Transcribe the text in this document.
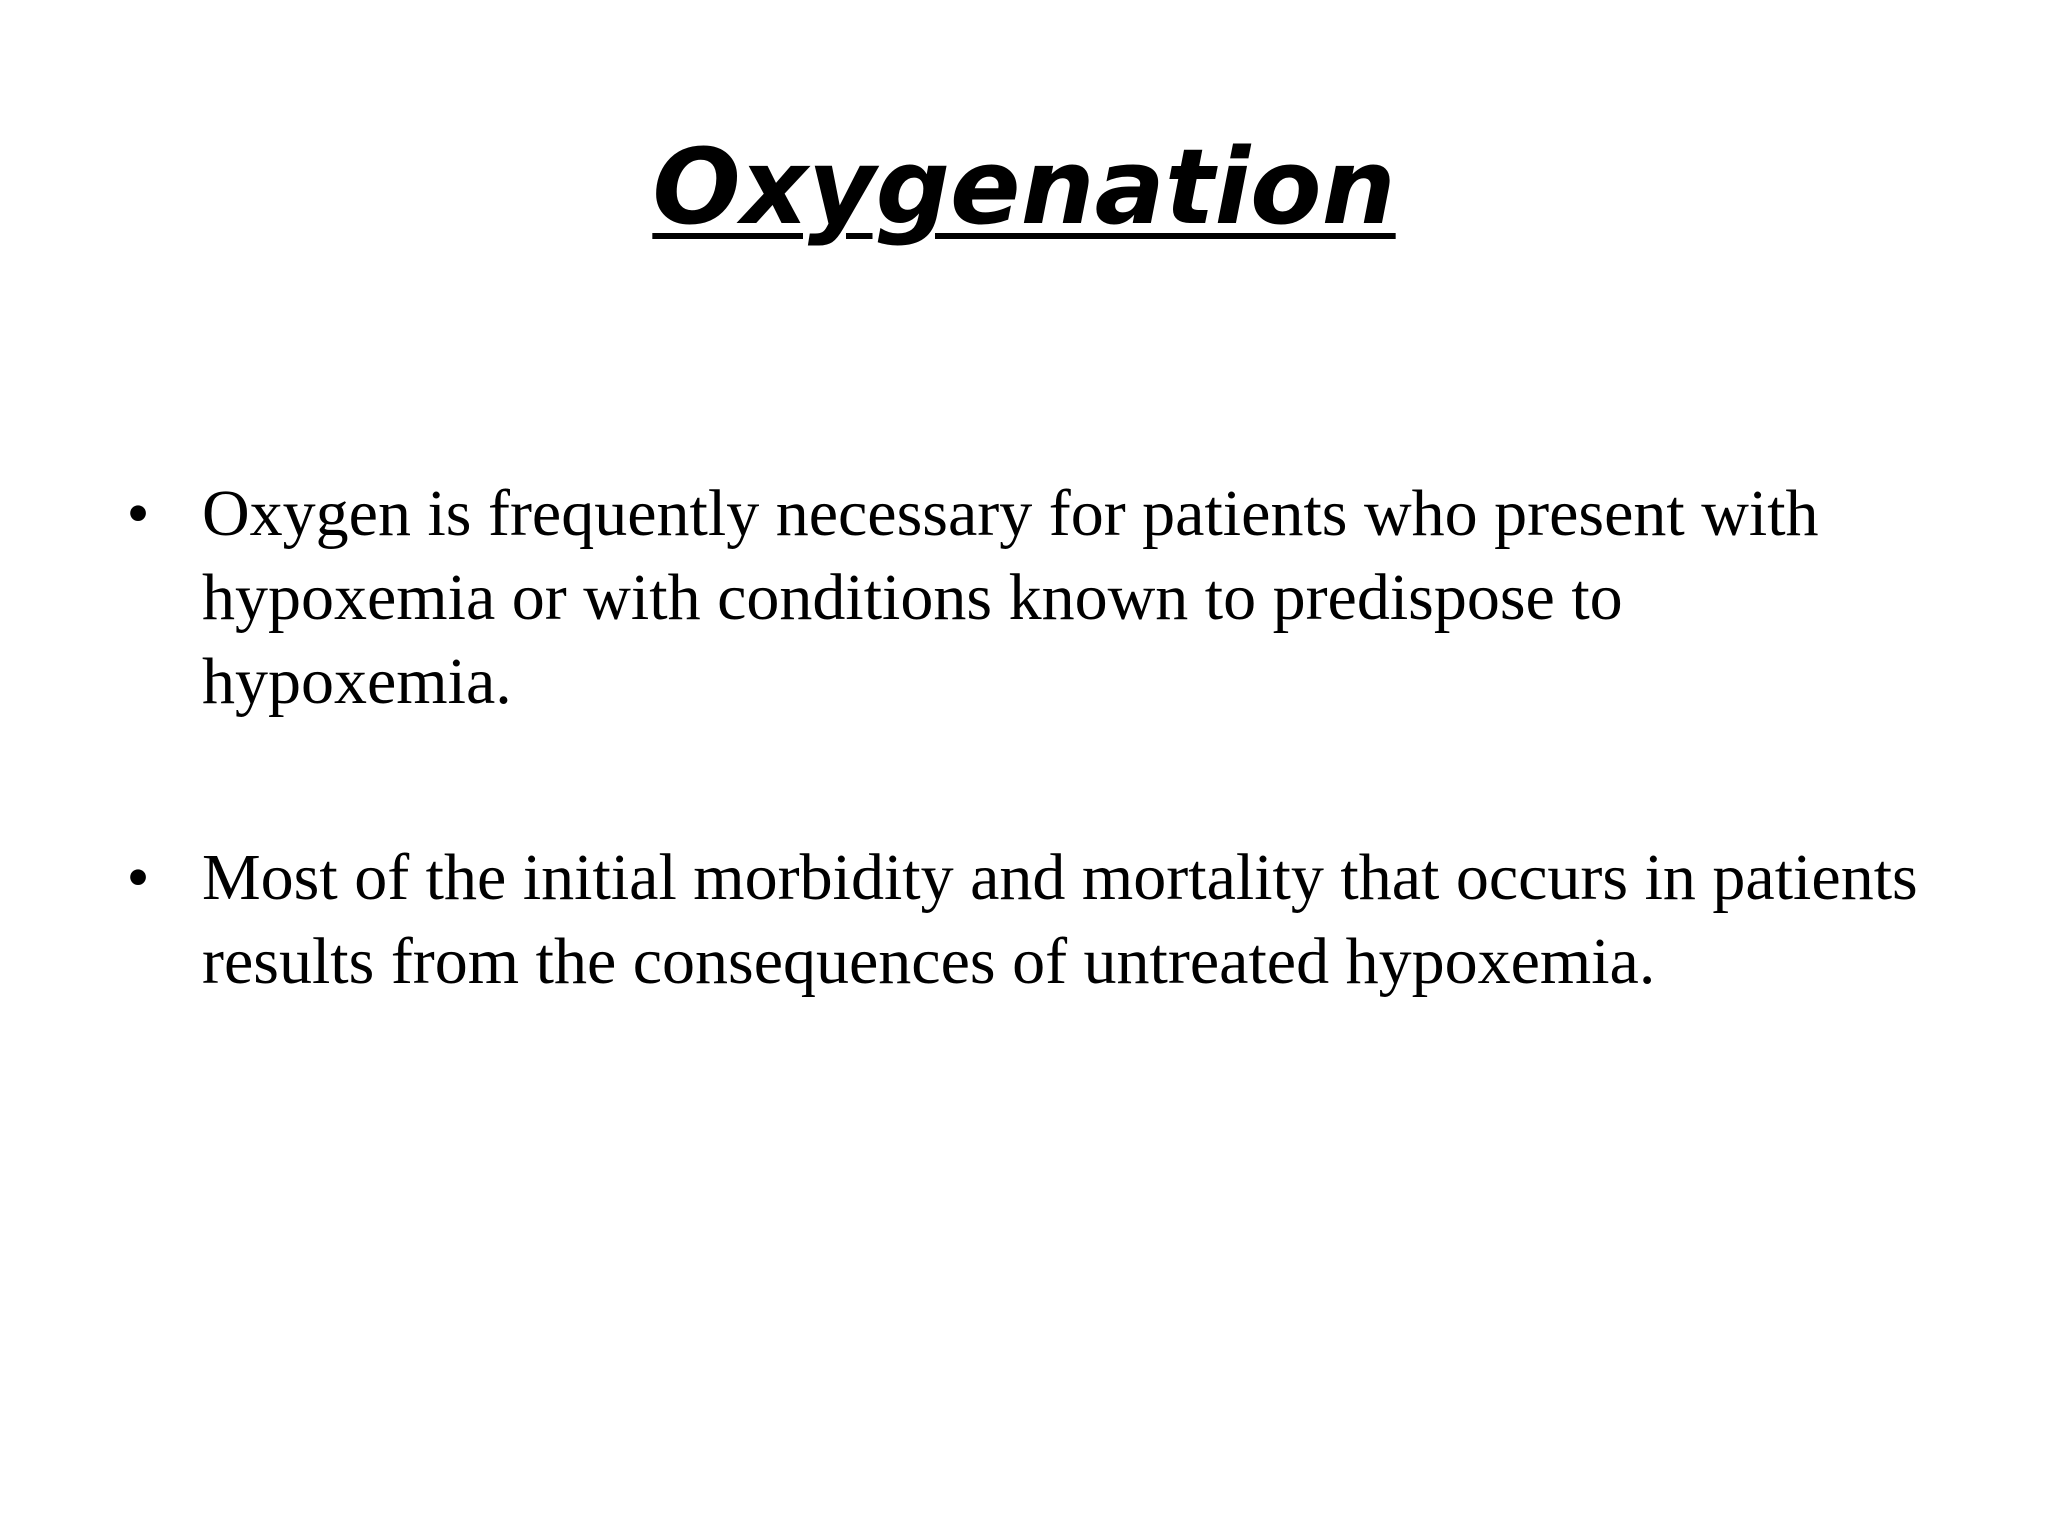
Oxygenation
• Oxygen is frequently necessary for patients who present with hypoxemia or with conditions known to predispose to hypoxemia.
• Most of the initial morbidity and mortality that occurs in patients results from the consequences of untreated hypoxemia.
